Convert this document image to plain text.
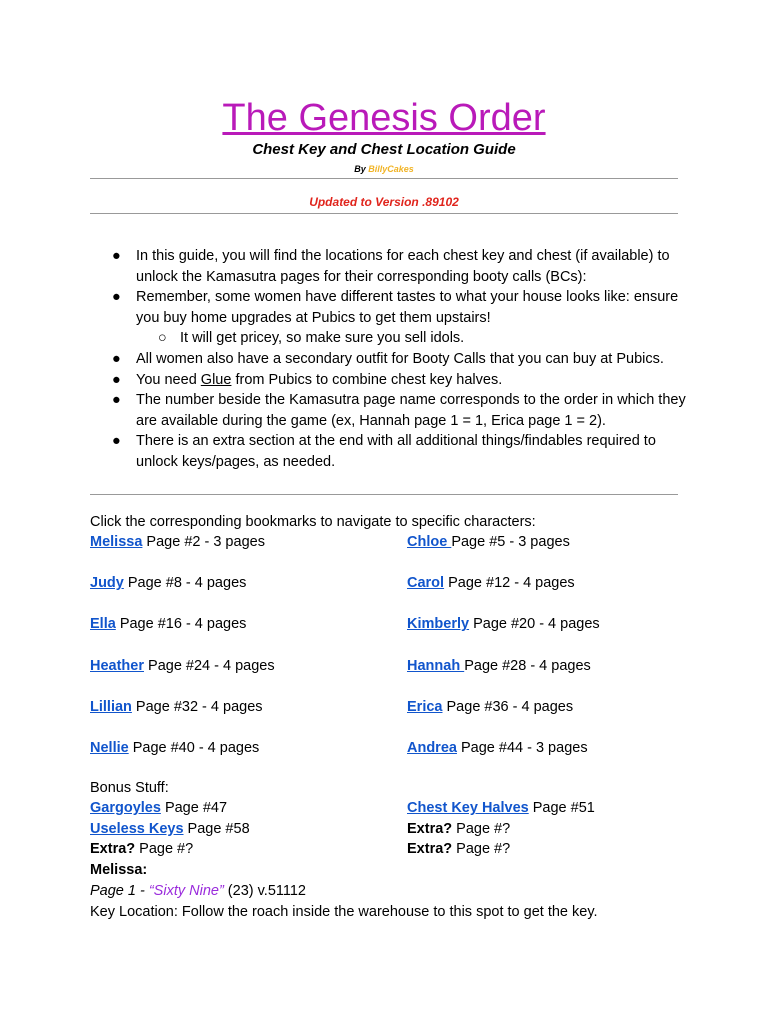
The Genesis Order
Chest Key and Chest Location Guide
By BillyCakes
Updated to Version .89102
● In this guide, you will find the locations for each chest key and chest (if available) to unlock the Kamasutra pages for their corresponding booty calls (BCs):
● Remember, some women have different tastes to what your house looks like: ensure you buy home upgrades at Pubics to get them upstairs!
○ It will get pricey, so make sure you sell idols.
● All women also have a secondary outfit for Booty Calls that you can buy at Pubics.
● You need Glue from Pubics to combine chest key halves.
● The number beside the Kamasutra page name corresponds to the order in which they are available during the game (ex, Hannah page 1 = 1, Erica page 1 = 2).
● There is an extra section at the end with all additional things/findables required to unlock keys/pages, as needed.
Click the corresponding bookmarks to navigate to specific characters:
Melissa Page #2 - 3 pages	Chloe Page #5 - 3 pages
Judy Page #8 - 4 pages	Carol Page #12 - 4 pages
Ella Page #16 - 4 pages	Kimberly Page #20 - 4 pages
Heather Page #24 - 4 pages	Hannah Page #28 - 4 pages
Lillian Page #32 - 4 pages	Erica Page #36 - 4 pages
Nellie Page #40 - 4 pages	Andrea Page #44 - 3 pages
Bonus Stuff:
Gargoyles Page #47	Chest Key Halves Page #51
Useless Keys Page #58	Extra? Page #?
Extra? Page #?	Extra? Page #?
Melissa:
Page 1 - “Sixty Nine” (23) v.51112
Key Location: Follow the roach inside the warehouse to this spot to get the key.
